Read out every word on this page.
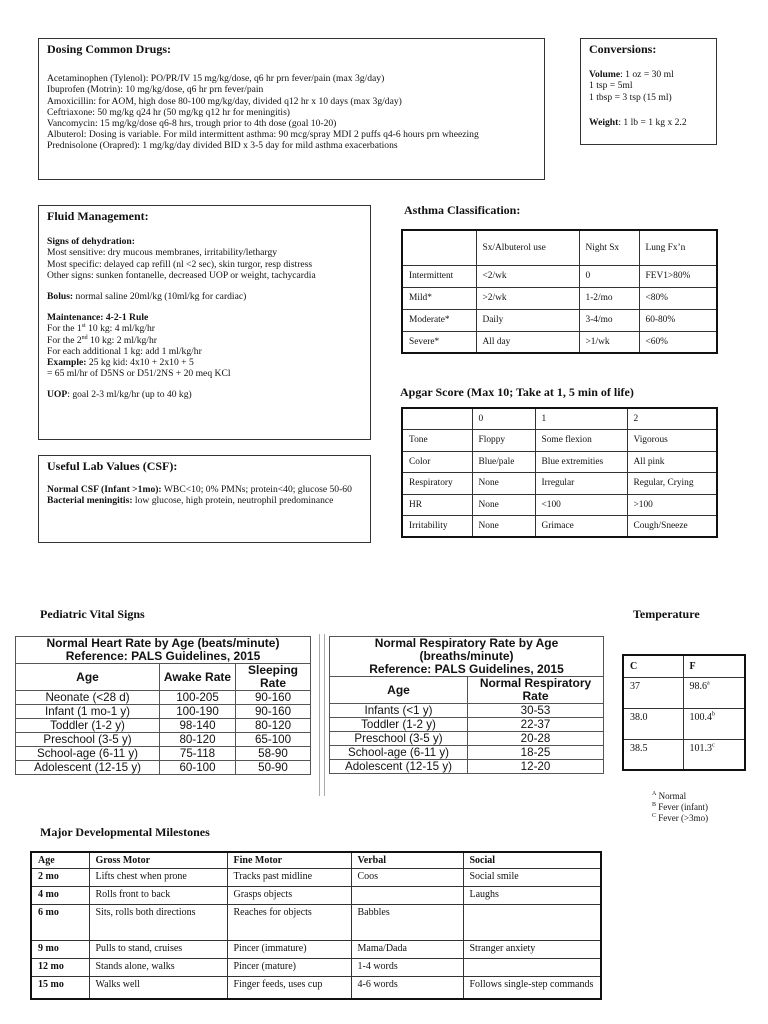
Dosing Common Drugs:

Acetaminophen (Tylenol): PO/PR/IV 15 mg/kg/dose, q6 hr prn fever/pain (max 3g/day)

Ibuprofen (Motrin): 10 mg/kg/dose, q6 hr prn fever/pain

Amoxicillin: for AOM, high dose 80-100 mg/kg/day, divided q12 hr x 10 days (max 3g/day)

Ceftriaxone: 50 mg/kg q24 hr (50 mg/kg q12 hr for meningitis)

Vancomycin: 15 mg/kg/dose q6-8 hrs, trough prior to 4th dose (goal 10-20)

Albuterol: Dosing is variable. For mild intermittent asthma: 90 mcg/spray MDI 2 puffs q4-6 hours prn wheezing

Prednisolone (Orapred): 1 mg/kg/day divided BID x 3-5 day for mild asthma exacerbations

Conversions:

Volume: 1 oz = 30 ml

1 tsp = 5ml

1 tbsp = 3 tsp (15 ml)

Weight: 1 lb = 1 kg x 2.2

Fluid Management:

Signs of dehydration:

Most sensitive: dry mucous membranes, irritability/lethargy

Most specific: delayed cap refill (nl <2 sec), skin turgor, resp distress

Other signs: sunken fontanelle, decreased UOP or weight, tachycardia

Bolus: normal saline 20ml/kg (10ml/kg for cardiac)

Maintenance: 4-2-1 Rule

For the 1st 10 kg: 4 ml/kg/hr

For the 2nd 10 kg: 2 ml/kg/hr

For each additional 1 kg: add 1 ml/kg/hr

Example: 25 kg kid: 4x10 + 2x10 + 5

= 65 ml/hr of D5NS or D51/2NS + 20 meq KCl

UOP: goal 2-3 ml/kg/hr (up to 40 kg)

Useful Lab Values (CSF):

Normal CSF (Infant >1mo): WBC<10; 0% PMNs; protein<40; glucose 50-60

Bacterial meningitis: low glucose, high protein, neutrophil predominance

Asthma Classification:
	Sx/Albuterol use	Night Sx	Lung Fx’n
Intermittent	<2/wk	0	FEV1>80%
Mild*	>2/wk	1-2/mo	<80%
Moderate*	Daily	3-4/mo	60-80%
Severe*	All day	>1/wk	<60%
Apgar Score (Max 10; Take at 1, 5 min of life)
	0	1	2
Tone	Floppy	Some flexion	Vigorous
Color	Blue/pale	Blue extremities	All pink
Respiratory	None	Irregular	Regular, Crying
HR	None	<100	>100
Irritability	None	Grimace	Cough/Sneeze
Pediatric Vital Signs
Normal Heart Rate by Age (beats/minute)
Reference: PALS Guidelines, 2015		
Age	Awake Rate	Sleeping Rate
Neonate (<28 d)	100-205	90-160
Infant (1 mo-1 y)	100-190	90-160
Toddler (1-2 y)	98-140	80-120
Preschool (3-5 y)	80-120	65-100
School-age (6-11 y)	75-118	58-90
Adolescent (12-15 y)	60-100	50-90
Normal Respiratory Rate by Age
(breaths/minute)
Reference: PALS Guidelines, 2015	
Age	Normal Respiratory Rate
Infants (<1 y)	30-53
Toddler (1-2 y)	22-37
Preschool (3-5 y)	20-28
School-age (6-11 y)	18-25
Adolescent (12-15 y)	12-20
Temperature
C	F
37	98.6$^a$
38.0	100.4$^b$
38.5	101.3$^c$
$^A$ Normal
$^B$ Fever (infant)
$^C$ Fever (>3mo)
Major Developmental Milestones
Age	Gross Motor	Fine Motor	Verbal	Social
2 mo	Lifts chest when prone	Tracks past midline	Coos	Social smile
4 mo	Rolls front to back	Grasps objects		Laughs
6 mo	Sits, rolls both directions	Reaches for objects	Babbles	
9 mo	Pulls to stand, cruises	Pincer (immature)	Mama/Dada	Stranger anxiety
12 mo	Stands alone, walks	Pincer (mature)	1-4 words	
15 mo	Walks well	Finger feeds, uses cup	4-6 words	Follows single-step commands
